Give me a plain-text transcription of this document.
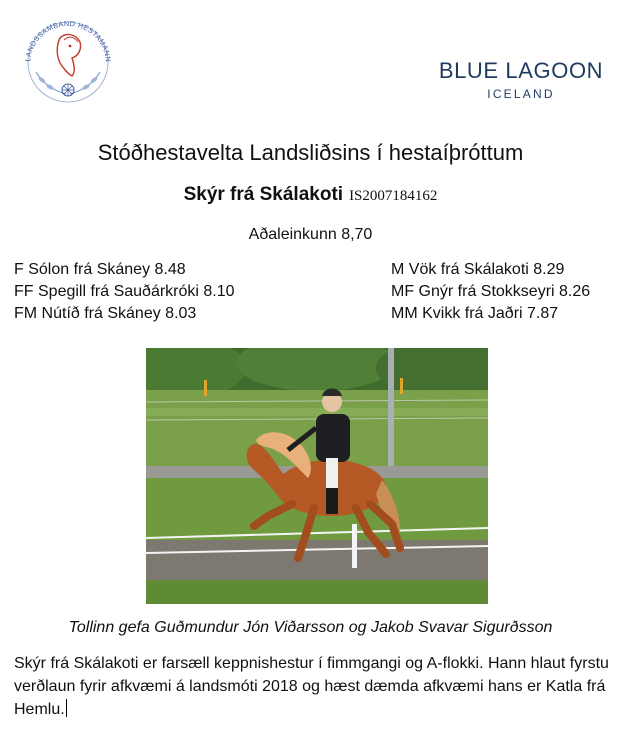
LANDSSAMBAND HESTAMANN	BLUE LAGOON
ICELAND
Stóðhestavelta Landsliðsins í hestaíþróttum
Skýr frá Skálakoti IS2007184162
Aðaleinkunn 8,70
F Sólon frá Skáney 8.48
FF Spegill frá Sauðárkróki 8.10
FM Nútíð frá Skáney 8.03
M Vök frá Skálakoti 8.29
MF Gnýr frá Stokkseyri 8.26
MM Kvikk frá Jaðri 7.87
Tollinn gefa Guðmundur Jón Viðarsson og Jakob Svavar Sigurðsson
Skýr frá Skálakoti er farsæll keppnishestur í fimmgangi og A-flokki. Hann hlaut fyrstu verðlaun fyrir afkvæmi á landsmóti 2018 og hæst dæmda afkvæmi hans er Katla frá Hemlu.
